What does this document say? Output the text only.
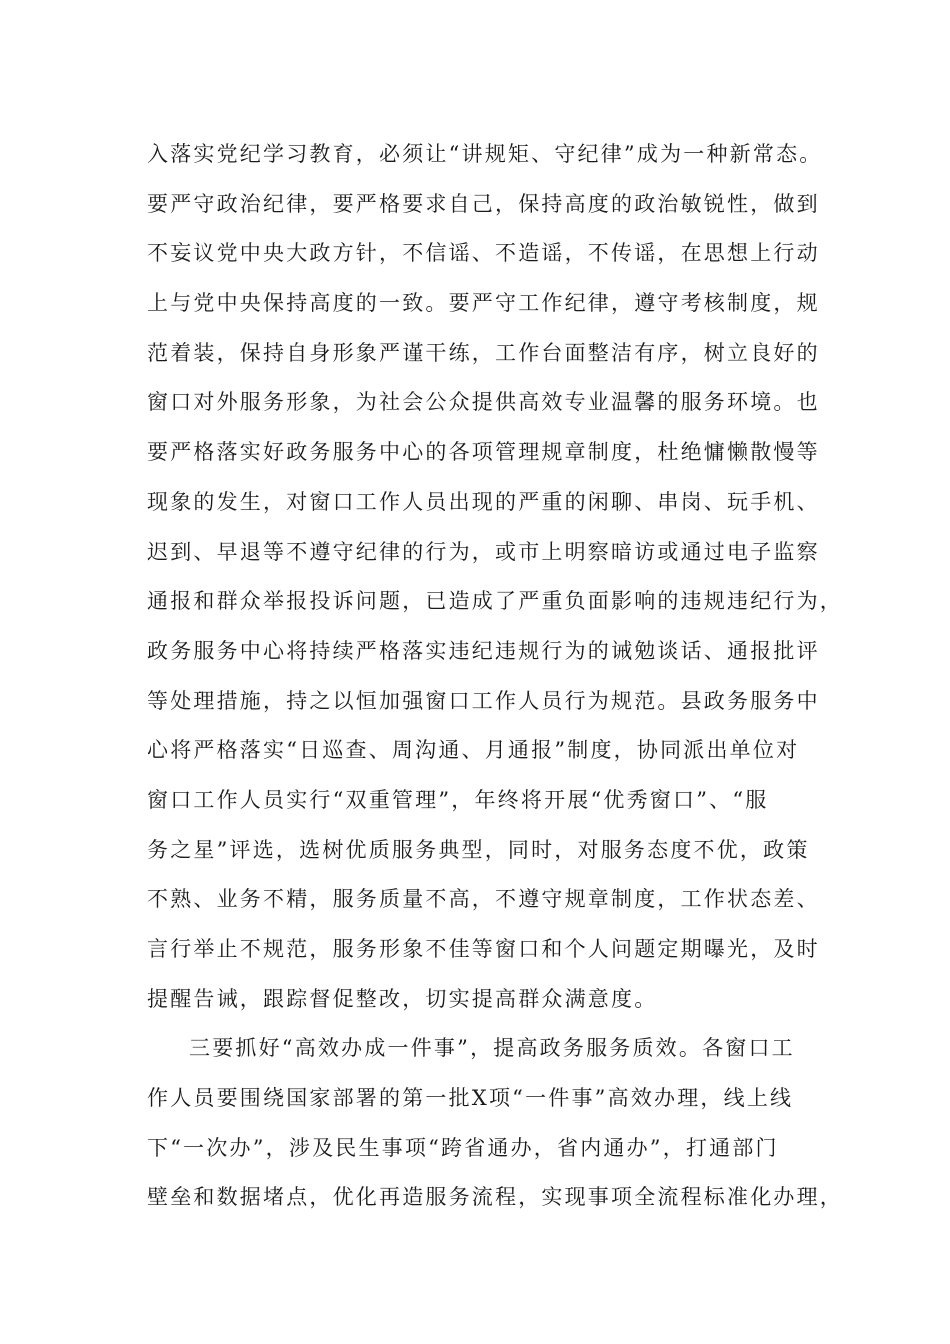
入落实党纪学习教育，必须让“讲规矩、守纪律”成为一种新常态。
要严守政治纪律，要严格要求自己，保持高度的政治敏锐性，做到
不妄议党中央大政方针，不信谣、不造谣，不传谣，在思想上行动
上与党中央保持高度的一致。要严守工作纪律，遵守考核制度，规
范着装，保持自身形象严谨干练，工作台面整洁有序，树立良好的
窗口对外服务形象，为社会公众提供高效专业温馨的服务环境。也
要严格落实好政务服务中心的各项管理规章制度，杜绝慵懒散慢等
现象的发生，对窗口工作人员出现的严重的闲聊、串岗、玩手机、
迟到、早退等不遵守纪律的行为，或市上明察暗访或通过电子监察
通报和群众举报投诉问题，已造成了严重负面影响的违规违纪行为，
政务服务中心将持续严格落实违纪违规行为的诫勉谈话、通报批评
等处理措施，持之以恒加强窗口工作人员行为规范。县政务服务中
心将严格落实“日巡查、周沟通、月通报”制度，协同派出单位对
窗口工作人员实行“双重管理”，年终将开展“优秀窗口”、“服
务之星”评选，选树优质服务典型，同时，对服务态度不优，政策
不熟、业务不精，服务质量不高，不遵守规章制度，工作状态差、
言行举止不规范，服务形象不佳等窗口和个人问题定期曝光，及时
提醒告诫，跟踪督促整改，切实提高群众满意度。
三要抓好“高效办成一件事”，提高政务服务质效。各窗口工
作人员要围绕国家部署的第一批X项“一件事”高效办理，线上线
下“一次办”，涉及民生事项“跨省通办，省内通办”，打通部门
壁垒和数据堵点，优化再造服务流程，实现事项全流程标准化办理，
